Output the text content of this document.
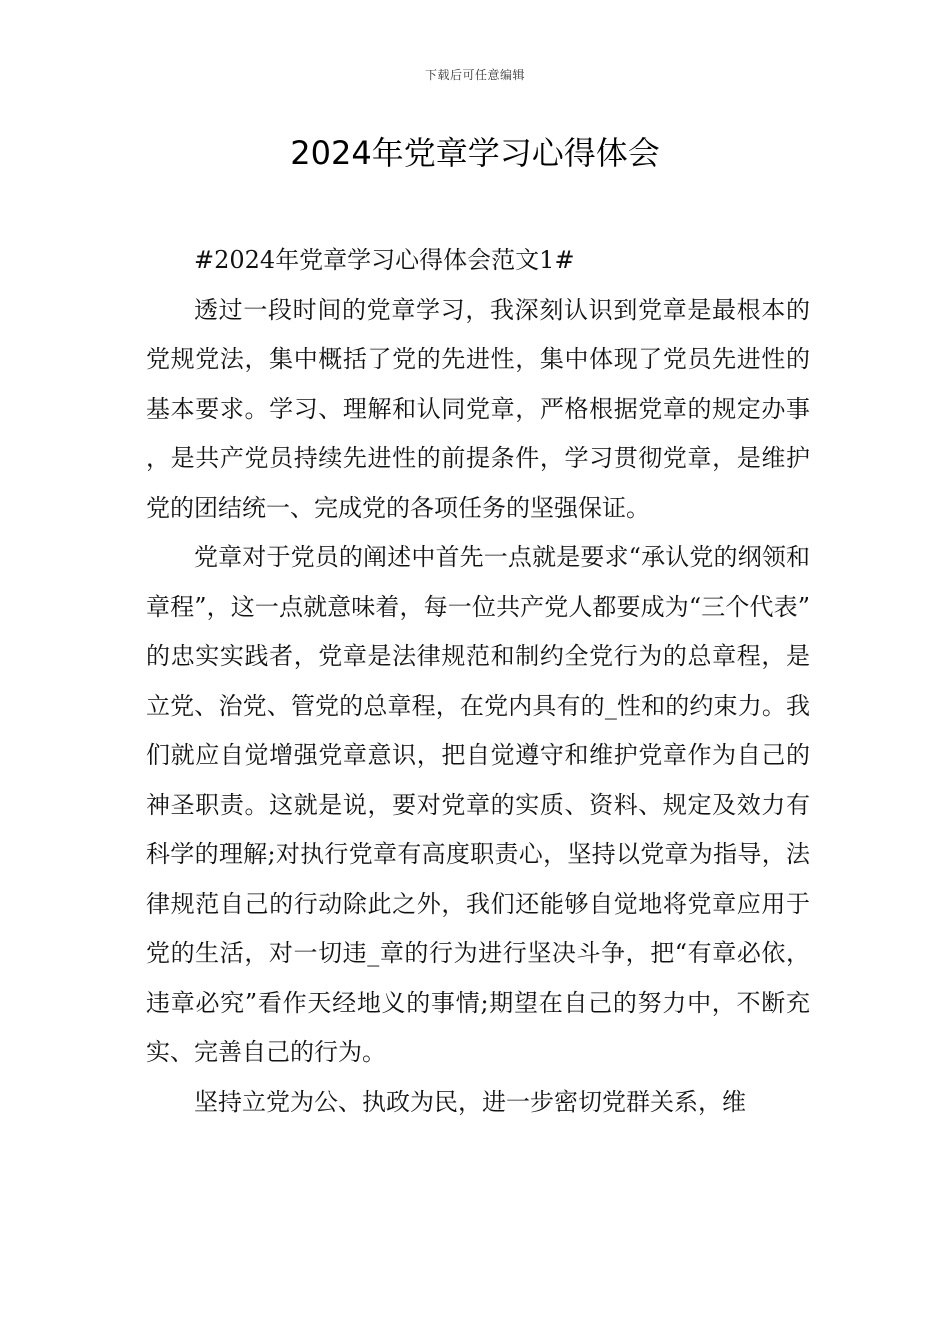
下载后可任意编辑
2024年党章学习心得体会

#2024年党章学习心得体会范文1#

透过一段时间的党章学习，我深刻认识到党章是最根本的党规党法，集中概括了党的先进性，集中体现了党员先进性的基本要求。学习、理解和认同党章，严格根据党章的规定办事，是共产党员持续先进性的前提条件，学习贯彻党章，是维护党的团结统一、完成党的各项任务的坚强保证。

党章对于党员的阐述中首先一点就是要求“承认党的纲领和章程”，这一点就意味着，每一位共产党人都要成为“三个代表”的忠实实践者，党章是法律规范和制约全党行为的总章程，是立党、治党、管党的总章程，在党内具有的_性和的约束力。我们就应自觉增强党章意识，把自觉遵守和维护党章作为自己的神圣职责。这就是说，要对党章的实质、资料、规定及效力有科学的理解;对执行党章有高度职责心，坚持以党章为指导，法律规范自己的行动除此之外，我们还能够自觉地将党章应用于党的生活，对一切违_章的行为进行坚决斗争，把“有章必依，违章必究”看作天经地义的事情;期望在自己的努力中，不断充实、完善自己的行为。

坚持立党为公、执政为民，进一步密切党群关系，维
